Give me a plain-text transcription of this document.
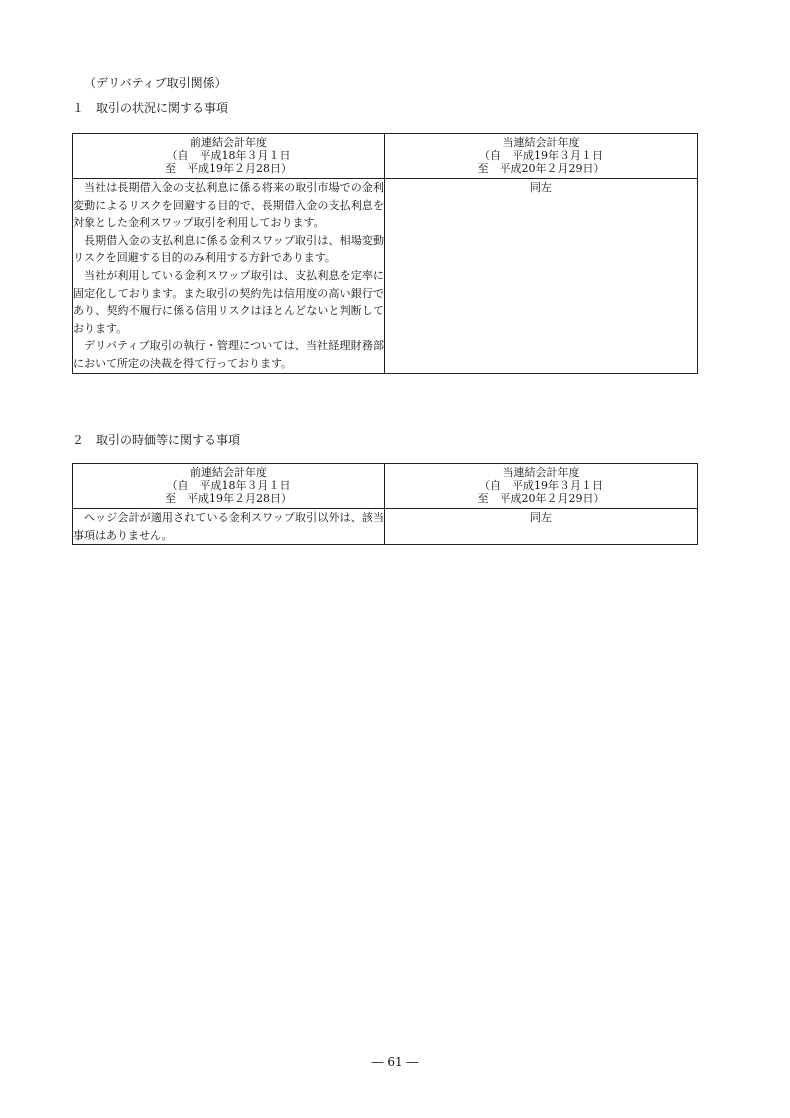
（デリバティブ取引関係）
１　取引の状況に関する事項
前連結会計年度
（自　平成18年３月１日
至　平成19年２月28日）	当連結会計年度
（自　平成19年３月１日
至　平成20年２月29日）

当社は長期借入金の支払利息に係る将来の取引市場での金利変動によるリスクを回避する目的で、長期借入金の支払利息を対象とした金利スワップ取引を利用しております。

長期借入金の支払利息に係る金利スワップ取引は、相場変動リスクを回避する目的のみ利用する方針であります。

当社が利用している金利スワップ取引は、支払利息を定率に固定化しております。また取引の契約先は信用度の高い銀行であり、契約不履行に係る信用リスクはほとんどないと判断しております。

デリバティブ取引の執行・管理については、当社経理財務部において所定の決裁を得て行っております。	同左
２　取引の時価等に関する事項
前連結会計年度
（自　平成18年３月１日
至　平成19年２月28日）	当連結会計年度
（自　平成19年３月１日
至　平成20年２月29日）

ヘッジ会計が適用されている金利スワップ取引以外は、該当事項はありません。	同左
― 61 ―
